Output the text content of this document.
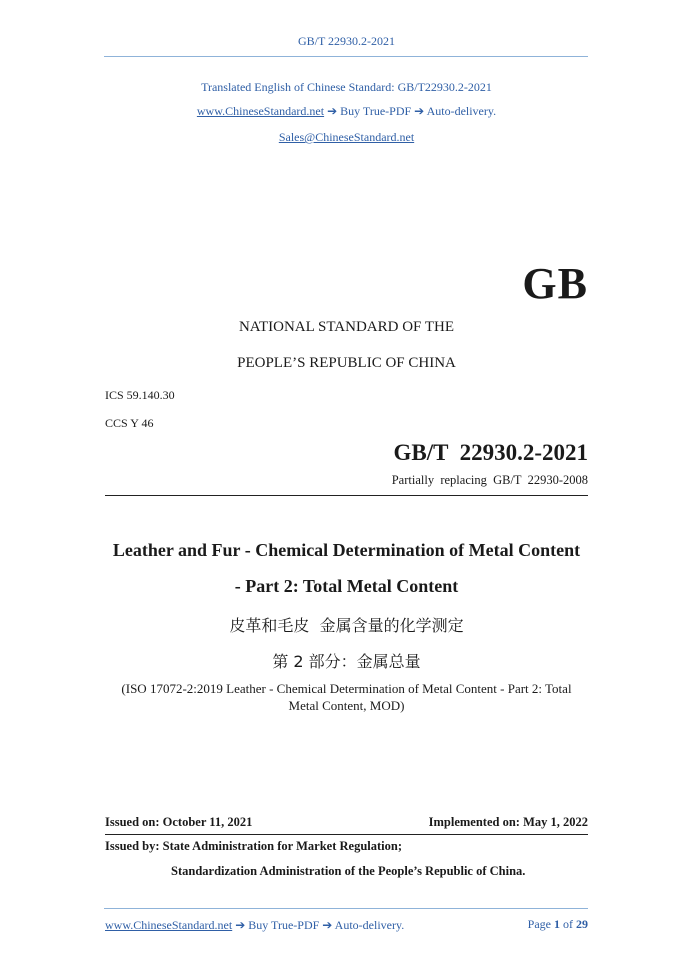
GB/T 22930.2-2021
Translated English of Chinese Standard: GB/T22930.2-2021
www.ChineseStandard.net ➔ Buy True-PDF ➔ Auto-delivery.
Sales@ChineseStandard.net
GB
NATIONAL STANDARD OF THE
PEOPLE’S REPUBLIC OF CHINA
ICS 59.140.30
CCS Y 46
GB/T  22930.2-2021
Partially  replacing  GB/T  22930-2008
Leather and Fur - Chemical Determination of Metal Content
- Part 2: Total Metal Content
皮革和毛皮  金属含量的化学测定
第 2 部分：金属总量
(ISO 17072-2:2019 Leather - Chemical Determination of Metal Content - Part 2: Total
Metal Content, MOD)
Issued on: October 11, 2021	Implemented on: May 1, 2022
Issued by: State Administration for Market Regulation;
Standardization Administration of the People’s Republic of China.
www.ChineseStandard.net ➔ Buy True-PDF ➔ Auto-delivery.	Page 1 of 29
